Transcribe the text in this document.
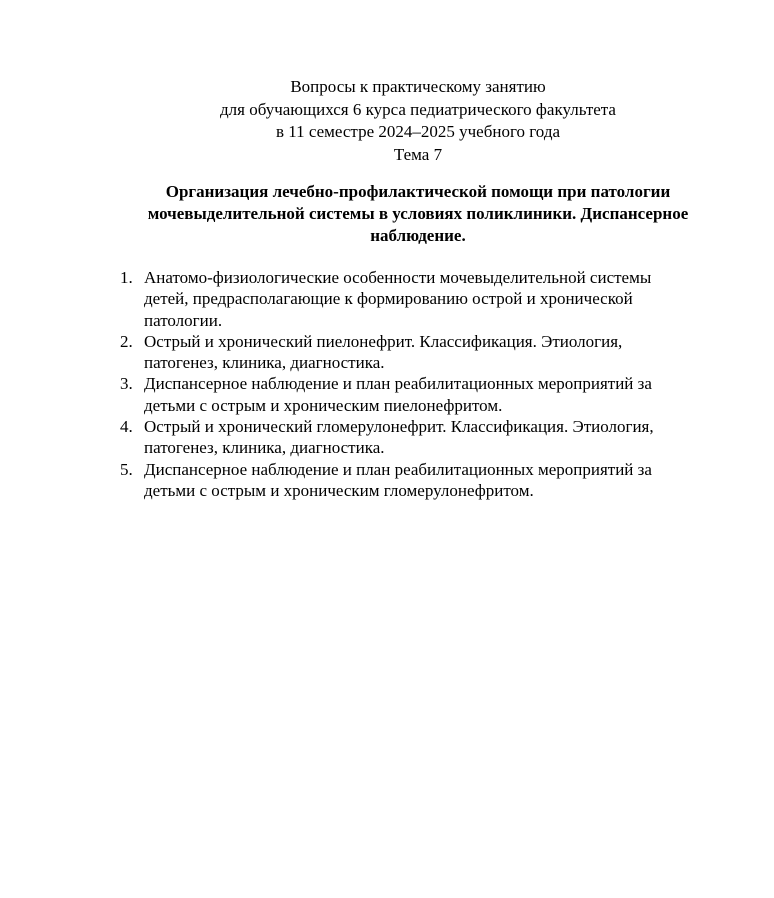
Вопросы к практическому занятию
для обучающихся 6 курса педиатрического факультета
в 11 семестре 2024–2025 учебного года
Тема 7
Организация лечебно-профилактической помощи при патологии
мочевыделительной системы в условиях поликлиники. Диспансерное
наблюдение.
1. Анатомо-физиологические особенности мочевыделительной системы
детей, предрасполагающие к формированию острой и хронической
патологии.
2. Острый и хронический пиелонефрит. Классификация. Этиология,
патогенез, клиника, диагностика.
3. Диспансерное наблюдение и план реабилитационных мероприятий за
детьми с острым и хроническим пиелонефритом.
4. Острый и хронический гломерулонефрит. Классификация. Этиология,
патогенез, клиника, диагностика.
5. Диспансерное наблюдение и план реабилитационных мероприятий за
детьми с острым и хроническим гломерулонефритом.
